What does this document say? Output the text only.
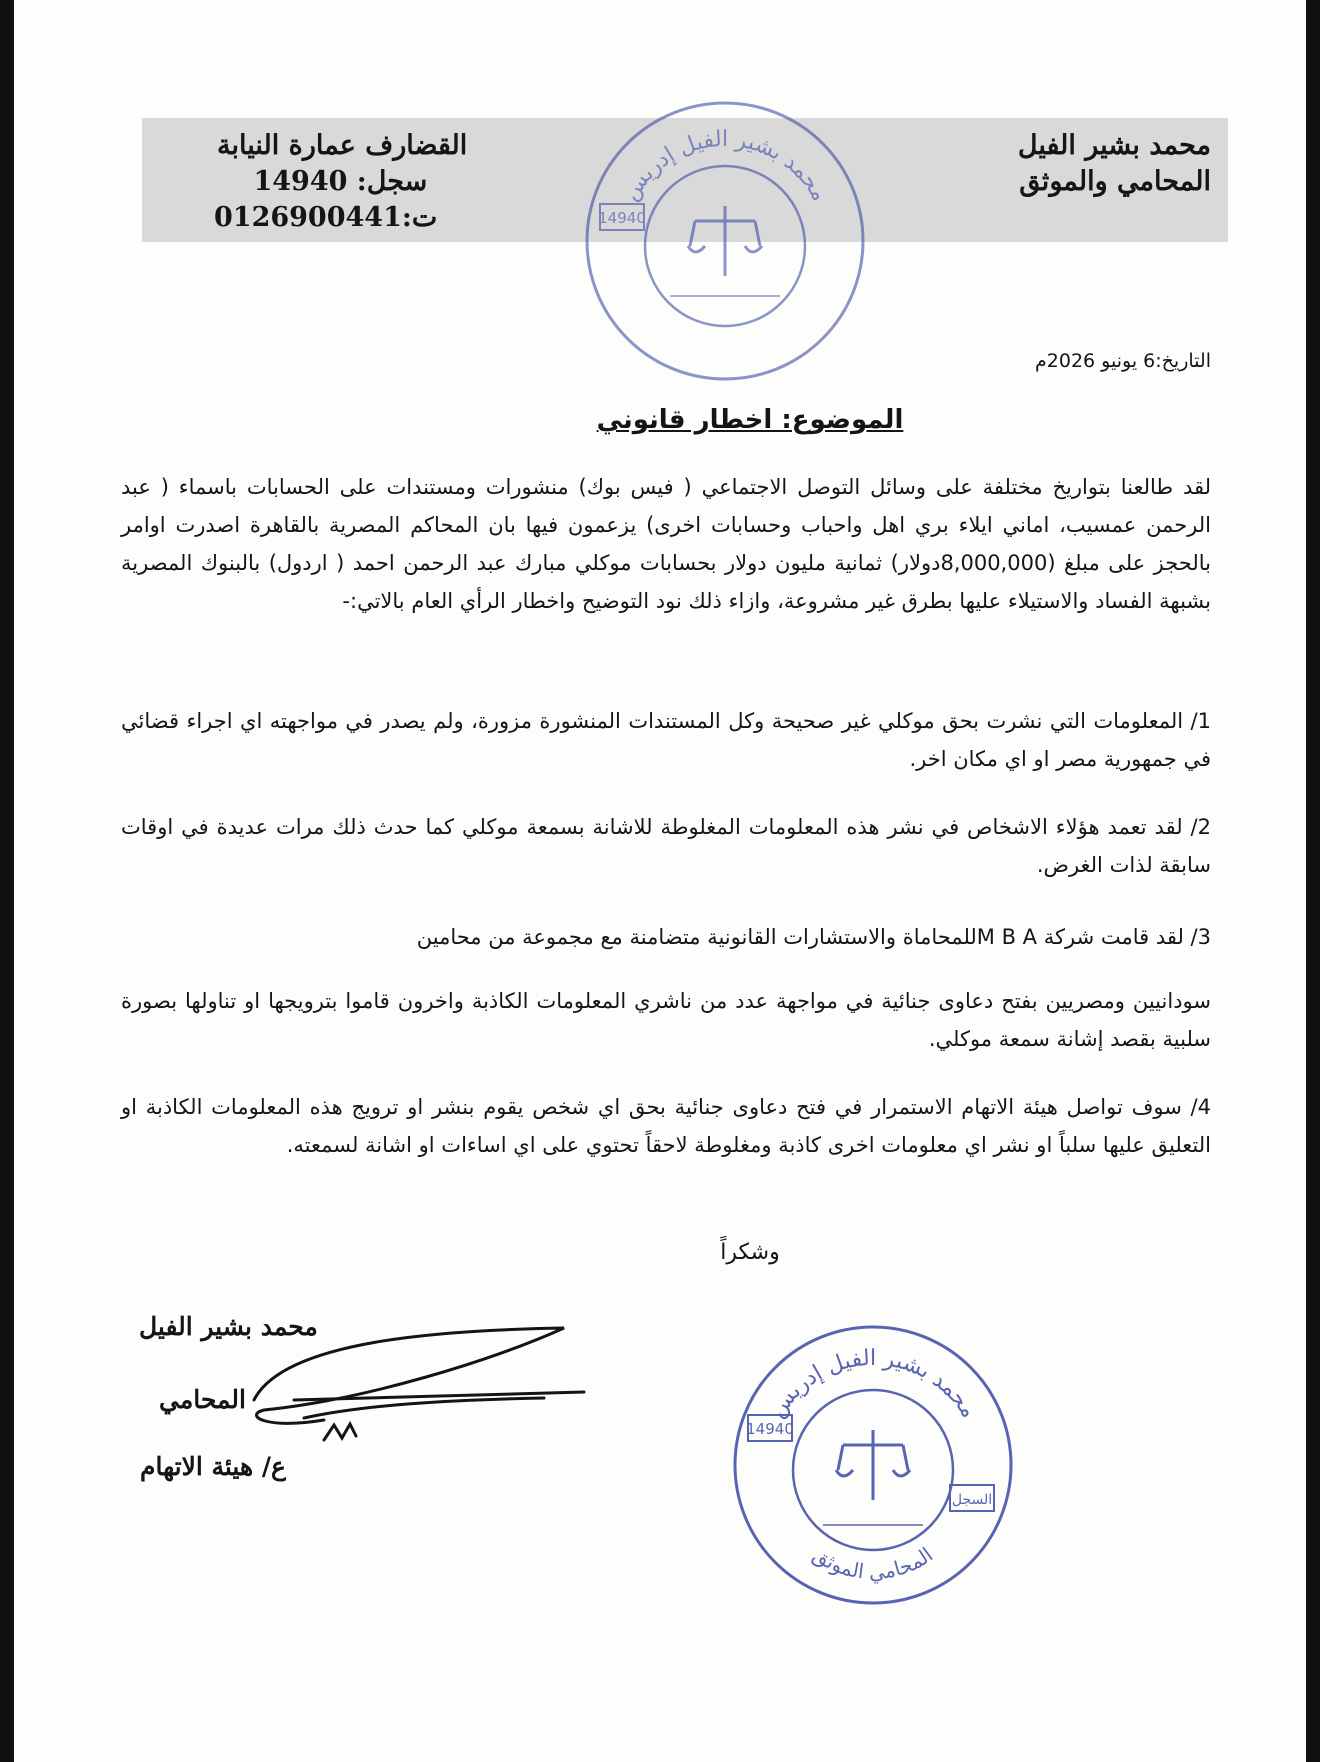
محمد بشير الفيل
المحامي والموثق
القضارف عمارة النيابة
سجل: 14940
ت:0126900441
محمد بشير الفيل إدريس
14940
التاريخ:6 يونيو 2026م
الموضوع: اخطار قانوني
لقد طالعنا بتواريخ مختلفة على وسائل التوصل الاجتماعي ( فيس بوك) منشورات ومستندات على الحسابات باسماء ( عبد الرحمن عمسيب، اماني ايلاء بري اهل واحباب وحسابات اخرى) يزعمون فيها بان المحاكم المصرية بالقاهرة اصدرت اوامر بالحجز على مبلغ (8,000,000دولار) ثمانية مليون دولار بحسابات موكلي مبارك عبد الرحمن احمد ( اردول) بالبنوك المصرية بشبهة الفساد والاستيلاء عليها بطرق غير مشروعة، وازاء ذلك نود التوضيح واخطار الرأي العام بالاتي:-
1/ المعلومات التي نشرت بحق موكلي غير صحيحة وكل المستندات المنشورة مزورة، ولم يصدر في مواجهته اي اجراء قضائي في جمهورية مصر او اي مكان اخر.
2/ لقد تعمد هؤلاء الاشخاص في نشر هذه المعلومات المغلوطة للاشانة بسمعة موكلي كما حدث ذلك مرات عديدة في اوقات سابقة لذات الغرض.
3/ لقد قامت شركة M B Aللمحاماة والاستشارات القانونية متضامنة مع مجموعة من محامين
سودانيين ومصريين بفتح دعاوى جنائية في مواجهة عدد من ناشري المعلومات الكاذبة واخرون قاموا بترويجها او تناولها بصورة سلبية بقصد إشانة سمعة موكلي.
4/ سوف تواصل هيئة الاتهام الاستمرار في فتح دعاوى جنائية بحق اي شخص يقوم بنشر او ترويج هذه المعلومات الكاذبة او التعليق عليها سلباً او نشر اي معلومات اخرى كاذبة ومغلوطة لاحقاً تحتوي على اي اساءات او اشانة لسمعته.
وشكراً
محمد بشير الفيل
المحامي
ع/ هيئة الاتهام
محمد بشير الفيل إدريس
المحامي الموثق
14940
السجل
